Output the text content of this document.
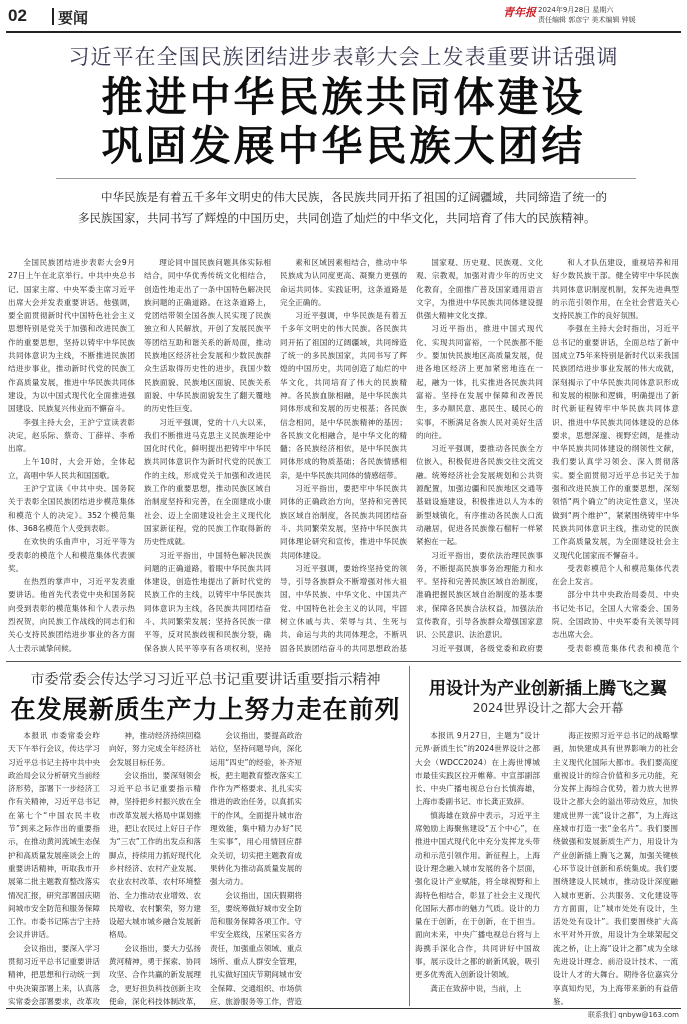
02 要闻	青年报 2024年9月28日 星期六
责任编辑 郭彦宁 美术编辑 钟媛
习近平在全国民族团结进步表彰大会上发表重要讲话强调
推进中华民族共同体建设
巩固发展中华民族大团结
中华民族是有着五千多年文明史的伟大民族，各民族共同开拓了祖国的辽阔疆域，共同缔造了统一的多民族国家，共同书写了辉煌的中国历史，共同创造了灿烂的中华文化，共同培育了伟大的民族精神。

全国民族团结进步表彰大会9月27日上午在北京举行。中共中央总书记、国家主席、中央军委主席习近平出席大会并发表重要讲话。他强调，要全面贯彻新时代中国特色社会主义思想特别是党关于加强和改进民族工作的重要思想，坚持以铸牢中华民族共同体意识为主线，不断推进民族团结进步事业，推动新时代党的民族工作高质量发展，推进中华民族共同体建设，为以中国式现代化全面推进强国建设、民族复兴伟业而不懈奋斗。

李强主持大会，王沪宁宣读表彰决定，赵乐际、蔡奇、丁薛祥、李希出席。

上午10时，大会开始，全体起立，高唱中华人民共和国国歌。

王沪宁宣读《中共中央、国务院关于表彰全国民族团结进步模范集体和模范个人的决定》。352个模范集体、368名模范个人受到表彰。

在欢快的乐曲声中，习近平等为受表彰的模范个人和模范集体代表颁奖。

在热烈的掌声中，习近平发表重要讲话。他首先代表党中央和国务院向受到表彰的模范集体和个人表示热烈祝贺，向民族工作战线的同志们和关心支持民族团结进步事业的各方面人士表示诚挚问候。

理论同中国民族问题具体实际相结合，同中华优秀传统文化相结合，创造性地走出了一条中国特色解决民族问题的正确道路。在这条道路上，党团结带领全国各族人民实现了民族独立和人民解放，开创了发展民族平等团结互助和谐关系的新局面，推动民族地区经济社会发展和少数民族群众生活取得历史性的进步，我国少数民族面貌、民族地区面貌、民族关系面貌、中华民族面貌发生了翻天覆地的历史性巨变。

习近平强调，党的十八大以来，我们不断推进马克思主义民族理论中国化时代化，鲜明提出把铸牢中华民族共同体意识作为新时代党的民族工作的主线，形成党关于加强和改进民族工作的重要思想，推动民族区域自治制度坚持和完善，在全面建成小康社会、迈上全面建设社会主义现代化国家新征程，党的民族工作取得新的历史性成就。

习近平指出，中国特色解决民族问题的正确道路，着眼中华民族共同体建设，创造性地提出了新时代党的民族工作的主线，以铸牢中华民族共同体意识为主线，各民族共同团结奋斗、共同繁荣发展；坚持各民族一律平等，反对民族歧视和民族分裂，确保各族人民平等享有各项权利，坚持

素和区域因素相结合，推动中华民族成为认同度更高、凝聚力更强的命运共同体。实践证明，这条道路是完全正确的。

习近平强调，中华民族是有着五千多年文明史的伟大民族。各民族共同开拓了祖国的辽阔疆域，共同缔造了统一的多民族国家，共同书写了辉煌的中国历史，共同创造了灿烂的中华文化，共同培育了伟大的民族精神。各民族血脉相融，是中华民族共同体形成和发展的历史根基；各民族信念相同，是中华民族精神的基因；各民族文化相融合，是中华文化的精髓；各民族经济相依，是中华民族共同体形成的物质基础；各民族情感相亲，是中华民族共同体的情感纽带。

习近平指出，要把牢中华民族共同体的正确政治方向，坚持和完善民族区域自治制度，各民族共同团结奋斗、共同繁荣发展，坚持中华民族共同体理论研究和宣传，推进中华民族共同体建设。

习近平强调，要始终坚持党的领导，引导各族群众不断增强对伟大祖国、中华民族、中华文化、中国共产党、中国特色社会主义的认同，牢固树立休戚与共、荣辱与共、生死与共、命运与共的共同体理念，不断巩固各民族团结奋斗的共同思想政治基

国家观、历史观、民族观、文化观、宗教观，加强对青少年的历史文化教育，全面推广普及国家通用语言文字，为推进中华民族共同体建设提供强大精神文化支撑。

习近平指出，推进中国式现代化、实现共同富裕，一个民族都不能少。要加快民族地区高质量发展，促进各地区经济上更加紧密地连在一起，融为一体，扎实推进各民族共同富裕。坚持在发展中保障和改善民生，多办顺民意、惠民生、暖民心的实事，不断满足各族人民对美好生活的向往。

习近平强调，要推动各民族全方位嵌入，积极促进各民族交往交流交融。统筹经济社会发展规划和公共资源配置，加强边疆和民族地区交通等基础设施建设，积极推进以人为本的新型城镇化，有序推动各民族人口流动融居，促进各民族像石榴籽一样紧紧抱在一起。

习近平指出，要依法治理民族事务，不断提高民族事务治理能力和水平。坚持和完善民族区域自治制度，准确把握民族区域自治制度的基本要求，保障各民族合法权益，加强法治宣传教育，引导各族群众增强国家意识、公民意识、法治意识。

习近平强调，各级党委和政府要

和人才队伍建设，重视培养和用好少数民族干部。健全铸牢中华民族共同体意识制度机制，发挥先进典型的示范引领作用，在全社会营造关心支持民族工作的良好氛围。

李强在主持大会时指出，习近平总书记的重要讲话，全面总结了新中国成立75年来特别是新时代以来我国民族团结进步事业发展的伟大成就，深刻揭示了中华民族共同体意识形成和发展的根脉和逻辑，明确提出了新时代新征程铸牢中华民族共同体意识、推进中华民族共同体建设的总体要求，思想深邃、视野宏阔，是推动中华民族共同体建设的纲领性文献，我们要认真学习领会、深入贯彻落实。要全面贯彻习近平总书记关于加强和改进民族工作的重要思想，深刻领悟“两个确立”的决定性意义，坚决做到“两个维护”，紧紧围绕铸牢中华民族共同体意识主线，推动党的民族工作高质量发展，为全面建设社会主义现代化国家而不懈奋斗。

受表彰模范个人和模范集体代表在会上发言。

部分中共中央政治局委员、中央书记处书记，全国人大常委会、国务院、全国政协、中央军委有关领导同志出席大会。

受表彰模范集体代表和模范个

市委常委会传达学习习近平总书记重要讲话重要指示精神
在发展新质生产力上努力走在前列

本报讯 市委常委会昨天下午举行会议，传达学习习近平总书记主持中共中央政治局会议分析研究当前经济形势，部署下一步经济工作有关精神，习近平总书记在第七个“中国农民丰收节”到来之际作出的重要指示，在推动黄河流域生态保护和高质量发展座谈会上的重要讲话精神，听取我市开展第二批主题教育整改落实情况汇报，研究部署国庆期间城市安全防范和服务保障工作。市委书记陈吉宁主持会议并讲话。

会议指出，要深入学习贯彻习近平总书记重要讲话精神，把思想和行动统一到中央决策部署上来，认真落实常委会部署要求，改革攻

神，推动经济持续回稳向好，努力完成全年经济社会发展目标任务。

会议指出，要深刻领会习近平总书记重要指示精神，坚持把乡村振兴放在全市改革发展大格局中谋划推进，把让农民过上好日子作为“三农”工作的出发点和落脚点，持续用力抓好现代化乡村经济、农村产业发展、农业农村改革、农村环境整治、全力推动农业增效、农民增收、农村繁荣，努力建设超大城市城乡融合发展新格局。

会议指出，要大力弘扬黄河精神，勇于探索、协同攻坚、合作共赢的新发展理念，更好担负科技创新主攻使命，深化科技体制改革，

会议指出，要提高政治站位，坚持问题导向，深化运用“四史”的经验，补齐短板，把主题教育整改落实工作作为严格要求、扎扎实实推进的政治任务，以真抓实干的作风，全面提升城市治理效能，集中精力办好“民生实事”，用心用情回应群众关切，切实把主题教育成果转化为推动高质量发展的强大动力。

会议指出，国庆假期将至，要统筹做好城市安全防范和服务保障各项工作。守牢安全底线，压紧压实各方责任，加强重点领域、重点场所、重点人群安全管理，扎实做好国庆节期间城市安全保障、交通组织、市场供应、旅游服务等工作，营造

用设计为产业创新插上腾飞之翼
2024世界设计之都大会开幕

本报讯 9月27日，主题为“设计元界·新质生长”的2024世界设计之都大会（WDCC2024）在上海世博城市最佳实践区拉开帷幕。中宣部副部长、中央广播电视总台台长慎海雄，上海市委副书记、市长龚正致辞。

慎海雄在致辞中表示，习近平主席勉励上海聚焦建设“五个中心”，在推进中国式现代化中充分发挥龙头带动和示范引领作用。新征程上，上海设计理念融入城市发展的各个层面，强化设计产业赋能，将全球视野和上海特色相结合，彰显了社会主义现代化国际大都市的魅力气质。设计的力量在于创新，在于创新，在于担当。面向未来，中央广播电视总台将与上海携手深化合作，共同讲好中国故事，展示设计之都的崭新风貌，吸引更多优秀流入创新设计领域。

龚正在致辞中说，当前，上

海正按照习近平总书记的战略擘画，加快建成具有世界影响力的社会主义现代化国际大都市。我们要高度重视设计的综合价值和多元功能，充分发挥上海综合优势，着力放大世界设计之都大会的溢出带动效应，加快建成世界一流“设计之都”，为上海这座城市打造一张“金名片”。我们要围绕做强和发展新质生产力，用设计为产业创新插上腾飞之翼，加强关键核心环节设计创新和系统集成。我们要围绕建设人民城市，推动设计深度融入城市更新、公共服务、文化建设等方方面面，让“城市处处有设计，生活处处有设计”。我们要围绕扩大高水平对外开放，用设计为全球架起交流之桥，让上海“设计之都”成为全球先进设计理念、前沿设计技术、一流设计人才的大舞台。期待各位嘉宾分享真知灼见，为上海带来新的有益借鉴。

联系我们 qnbyw@163.com
